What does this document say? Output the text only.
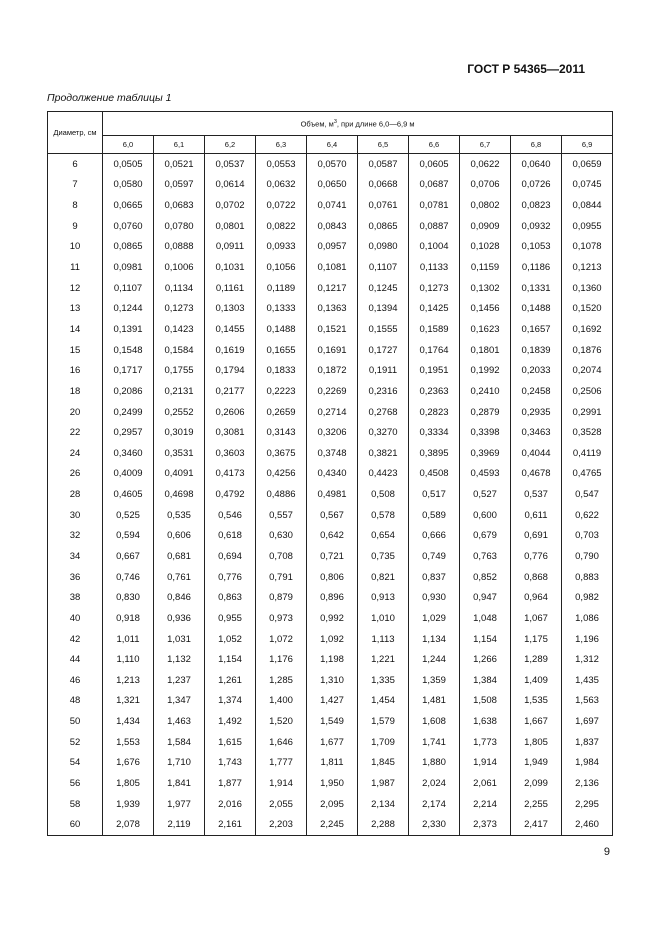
ГОСТ Р 54365—2011
Продолжение таблицы 1
Диаметр, см	Объем, $м^3$, при длине 6,0—6,9 м									
	6,0	6,1	6,2	6,3	6,4	6,5	6,6	6,7	6,8	6,9
6	0,0505	0,0521	0,0537	0,0553	0,0570	0,0587	0,0605	0,0622	0,0640	0,0659
7	0,0580	0,0597	0,0614	0,0632	0,0650	0,0668	0,0687	0,0706	0,0726	0,0745
8	0,0665	0,0683	0,0702	0,0722	0,0741	0,0761	0,0781	0,0802	0,0823	0,0844
9	0,0760	0,0780	0,0801	0,0822	0,0843	0,0865	0,0887	0,0909	0,0932	0,0955
10	0,0865	0,0888	0,0911	0,0933	0,0957	0,0980	0,1004	0,1028	0,1053	0,1078
11	0,0981	0,1006	0,1031	0,1056	0,1081	0,1107	0,1133	0,1159	0,1186	0,1213
12	0,1107	0,1134	0,1161	0,1189	0,1217	0,1245	0,1273	0,1302	0,1331	0,1360
13	0,1244	0,1273	0,1303	0,1333	0,1363	0,1394	0,1425	0,1456	0,1488	0,1520
14	0,1391	0,1423	0,1455	0,1488	0,1521	0,1555	0,1589	0,1623	0,1657	0,1692
15	0,1548	0,1584	0,1619	0,1655	0,1691	0,1727	0,1764	0,1801	0,1839	0,1876
16	0,1717	0,1755	0,1794	0,1833	0,1872	0,1911	0,1951	0,1992	0,2033	0,2074
18	0,2086	0,2131	0,2177	0,2223	0,2269	0,2316	0,2363	0,2410	0,2458	0,2506
20	0,2499	0,2552	0,2606	0,2659	0,2714	0,2768	0,2823	0,2879	0,2935	0,2991
22	0,2957	0,3019	0,3081	0,3143	0,3206	0,3270	0,3334	0,3398	0,3463	0,3528
24	0,3460	0,3531	0,3603	0,3675	0,3748	0,3821	0,3895	0,3969	0,4044	0,4119
26	0,4009	0,4091	0,4173	0,4256	0,4340	0,4423	0,4508	0,4593	0,4678	0,4765
28	0,4605	0,4698	0,4792	0,4886	0,4981	0,508	0,517	0,527	0,537	0,547
30	0,525	0,535	0,546	0,557	0,567	0,578	0,589	0,600	0,611	0,622
32	0,594	0,606	0,618	0,630	0,642	0,654	0,666	0,679	0,691	0,703
34	0,667	0,681	0,694	0,708	0,721	0,735	0,749	0,763	0,776	0,790
36	0,746	0,761	0,776	0,791	0,806	0,821	0,837	0,852	0,868	0,883
38	0,830	0,846	0,863	0,879	0,896	0,913	0,930	0,947	0,964	0,982
40	0,918	0,936	0,955	0,973	0,992	1,010	1,029	1,048	1,067	1,086
42	1,011	1,031	1,052	1,072	1,092	1,113	1,134	1,154	1,175	1,196
44	1,110	1,132	1,154	1,176	1,198	1,221	1,244	1,266	1,289	1,312
46	1,213	1,237	1,261	1,285	1,310	1,335	1,359	1,384	1,409	1,435
48	1,321	1,347	1,374	1,400	1,427	1,454	1,481	1,508	1,535	1,563
50	1,434	1,463	1,492	1,520	1,549	1,579	1,608	1,638	1,667	1,697
52	1,553	1,584	1,615	1,646	1,677	1,709	1,741	1,773	1,805	1,837
54	1,676	1,710	1,743	1,777	1,811	1,845	1,880	1,914	1,949	1,984
56	1,805	1,841	1,877	1,914	1,950	1,987	2,024	2,061	2,099	2,136
58	1,939	1,977	2,016	2,055	2,095	2,134	2,174	2,214	2,255	2,295
60	2,078	2,119	2,161	2,203	2,245	2,288	2,330	2,373	2,417	2,460
9
